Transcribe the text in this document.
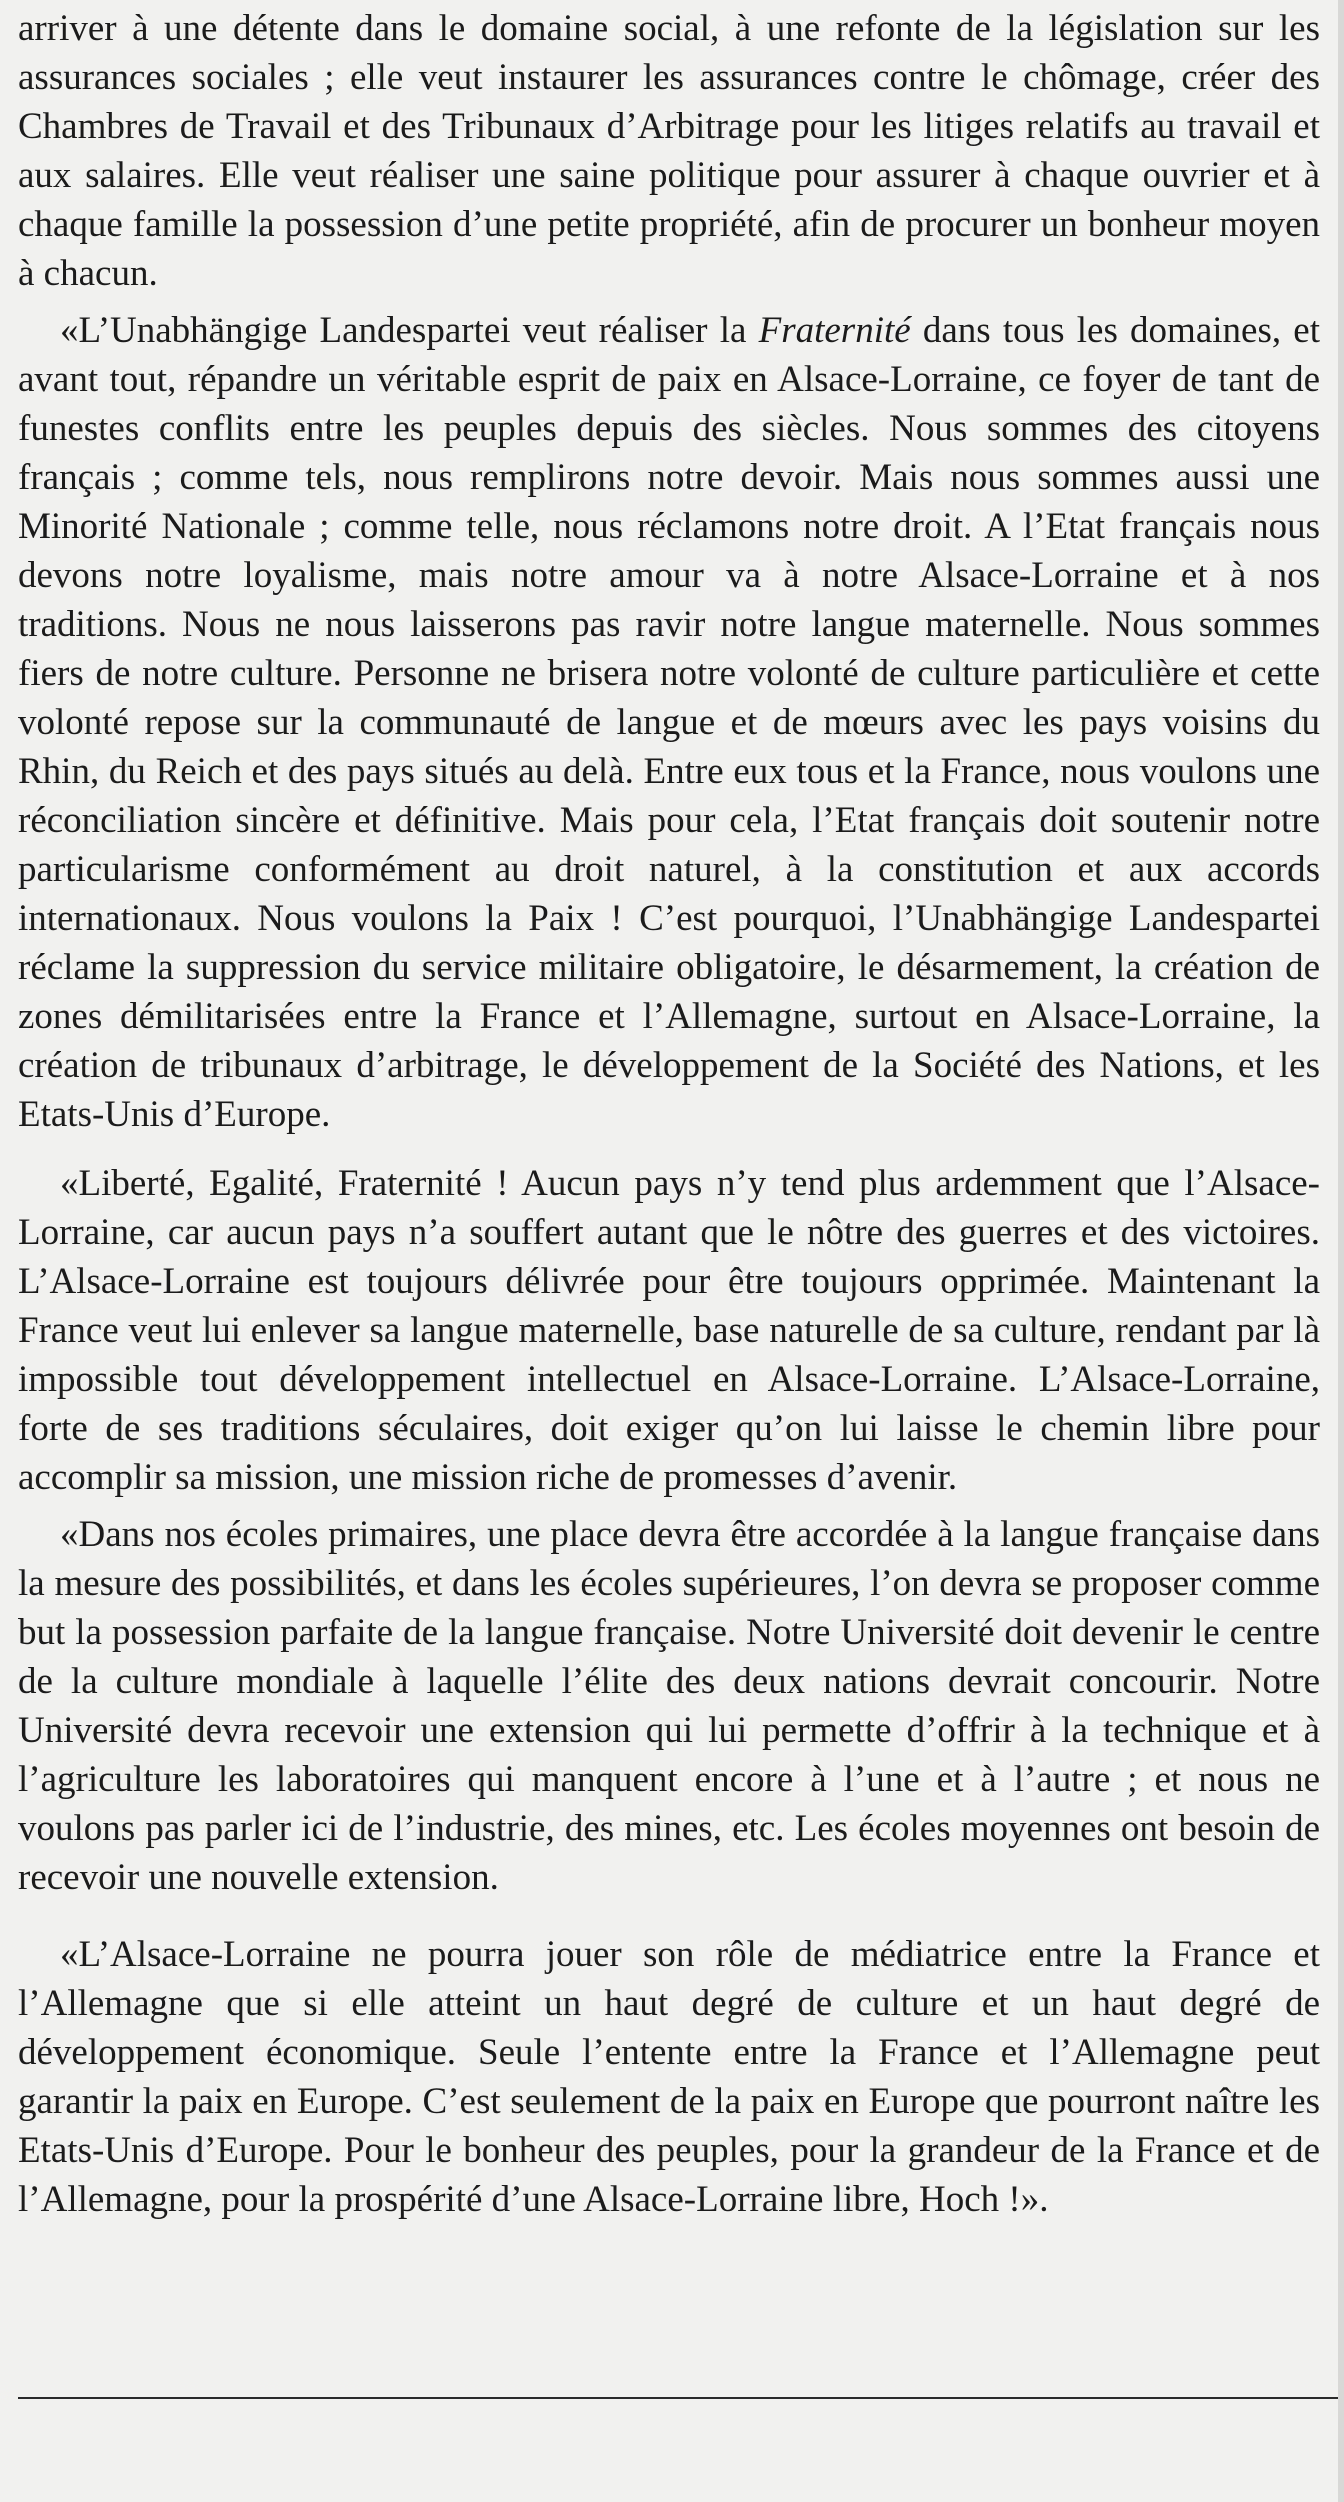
arriver à une détente dans le domaine social, à une refonte de la législation sur les assurances sociales ; elle veut instaurer les assurances contre le chômage, créer des Chambres de Travail et des Tribunaux d’Arbitrage pour les litiges relatifs au travail et aux salaires. Elle veut réaliser une saine politique pour assurer à chaque ouvrier et à chaque famille la possession d’une petite propriété, afin de procurer un bonheur moyen à chacun.

«L’Unabhängige Landespartei veut réaliser la Fraternité dans tous les domaines, et avant tout, répandre un véritable esprit de paix en Alsace-Lorraine, ce foyer de tant de funestes conflits entre les peuples depuis des siècles. Nous sommes des citoyens français ; comme tels, nous remplirons notre devoir. Mais nous sommes aussi une Minorité Nationale ; comme telle, nous réclamons notre droit. A l’Etat français nous devons notre loyalisme, mais notre amour va à notre Alsace-Lorraine et à nos traditions. Nous ne nous laisserons pas ravir notre langue maternelle. Nous sommes fiers de notre culture. Personne ne brisera notre volonté de culture particulière et cette volonté repose sur la communauté de langue et de mœurs avec les pays voisins du Rhin, du Reich et des pays situés au delà. Entre eux tous et la France, nous voulons une réconciliation sincère et définitive. Mais pour cela, l’Etat français doit soutenir notre particularisme conformément au droit naturel, à la constitution et aux accords internationaux. Nous voulons la Paix ! C’est pourquoi, l’Unabhängige Landespartei réclame la suppression du service militaire obligatoire, le désarmement, la création de zones démilitarisées entre la France et l’Allemagne, surtout en Alsace-Lorraine, la création de tribunaux d’arbitrage, le développement de la Société des Nations, et les Etats-Unis d’Europe.

«Liberté, Egalité, Fraternité ! Aucun pays n’y tend plus ardemment que l’Alsace-Lorraine, car aucun pays n’a souffert autant que le nôtre des guerres et des victoires. L’Alsace-Lorraine est toujours délivrée pour être toujours opprimée. Maintenant la France veut lui enlever sa langue maternelle, base naturelle de sa culture, rendant par là impossible tout développement intellectuel en Alsace-Lorraine. L’Alsace-Lorraine, forte de ses traditions séculaires, doit exiger qu’on lui laisse le chemin libre pour accomplir sa mission, une mission riche de promesses d’avenir.

«Dans nos écoles primaires, une place devra être accordée à la langue française dans la mesure des possibilités, et dans les écoles supérieures, l’on devra se proposer comme but la possession parfaite de la langue française. Notre Université doit devenir le centre de la culture mondiale à laquelle l’élite des deux nations devrait concourir. Notre Université devra recevoir une extension qui lui permette d’offrir à la technique et à l’agriculture les laboratoires qui manquent encore à l’une et à l’autre ; et nous ne voulons pas parler ici de l’industrie, des mines, etc. Les écoles moyennes ont besoin de recevoir une nouvelle extension.

«L’Alsace-Lorraine ne pourra jouer son rôle de médiatrice entre la France et l’Allemagne que si elle atteint un haut degré de culture et un haut degré de développement économique. Seule l’entente entre la France et l’Allemagne peut garantir la paix en Europe. C’est seulement de la paix en Europe que pourront naître les Etats-Unis d’Europe. Pour le bonheur des peuples, pour la grandeur de la France et de l’Allemagne, pour la prospérité d’une Alsace-Lorraine libre, Hoch !».
